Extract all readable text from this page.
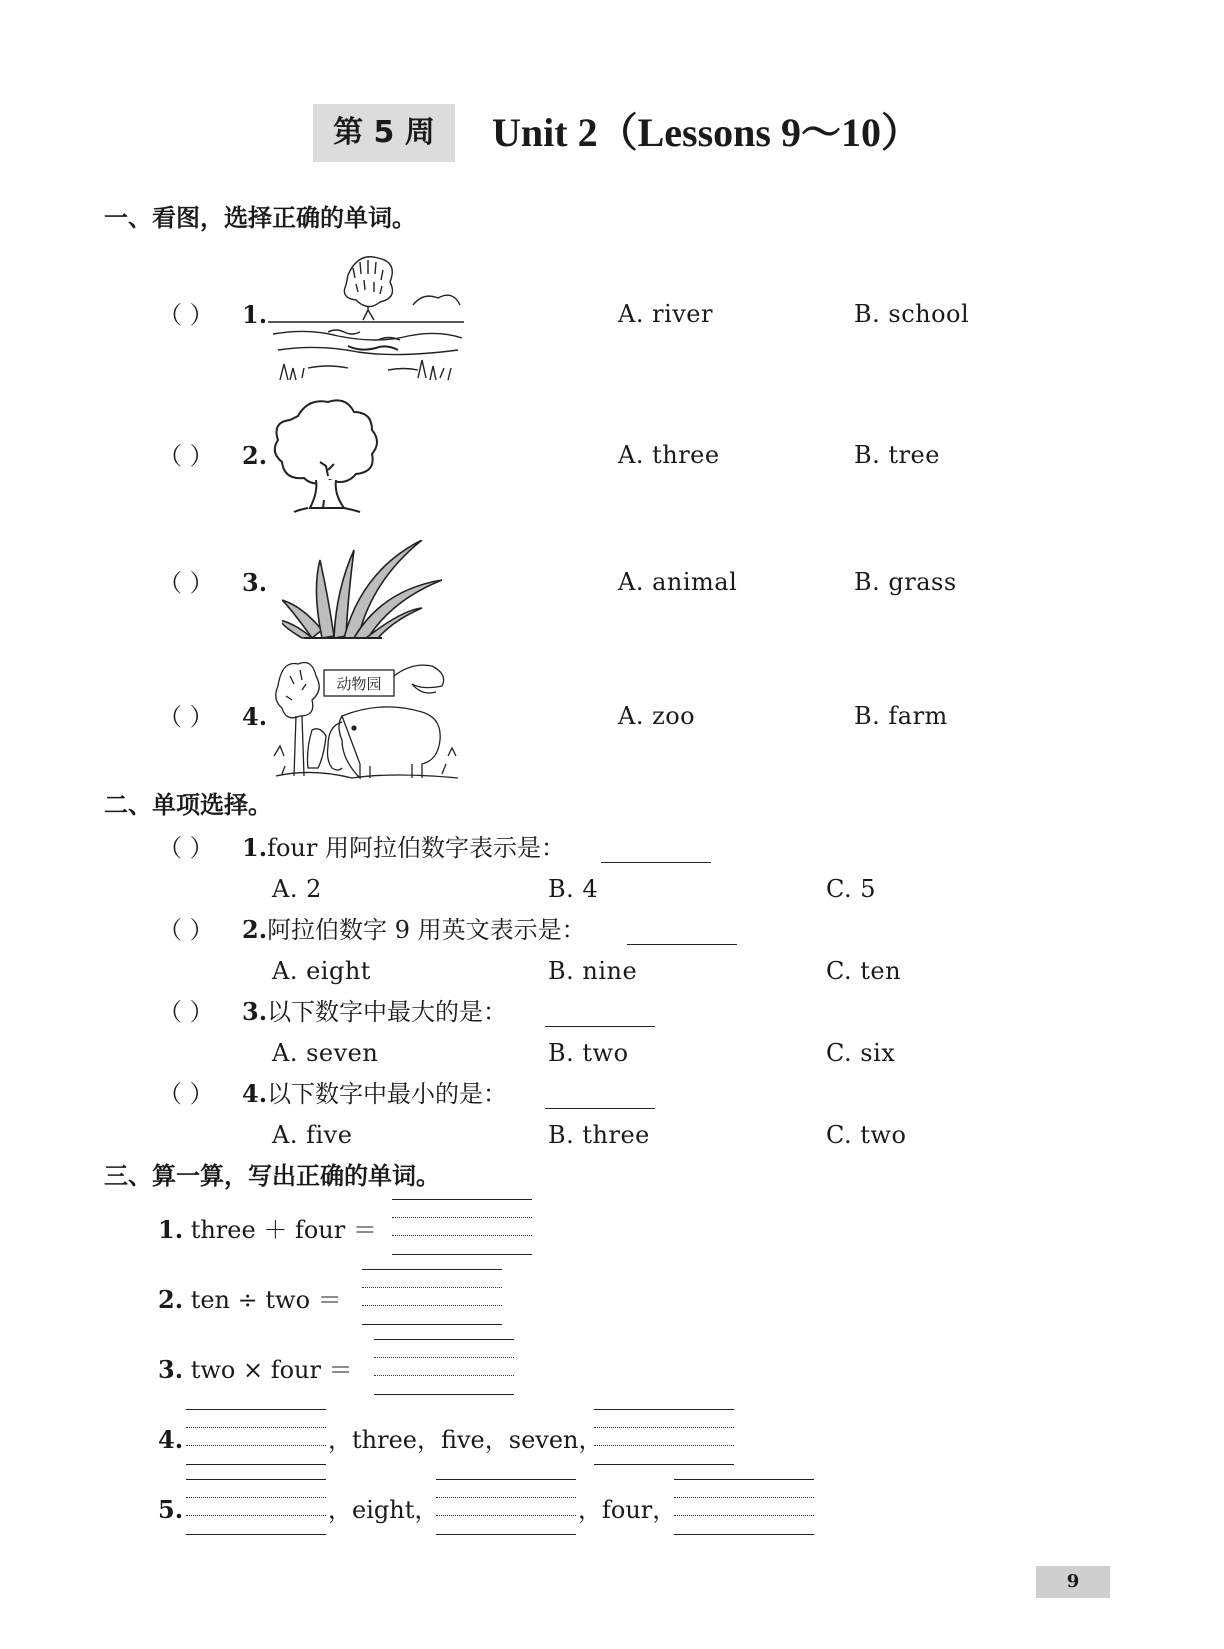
第 5 周	Unit 2（Lessons 9～10）
一、看图，选择正确的单词。
（ ） 1.	A. river	B. school
（ ） 2.	A. three	B. tree
（ ） 3.	A. animal	B. grass
（ ） 4.
动物园
A. zoo	B. farm
二、单项选择。
（ ） 1.four 用阿拉伯数字表示是：
A. 2	B. 4	C. 5
（ ） 2.阿拉伯数字 9 用英文表示是：
A. eight	B. nine	C. ten
（ ） 3.以下数字中最大的是：
A. seven	B. two	C. six
（ ） 4.以下数字中最小的是：
A. five	B. three	C. two
三、算一算，写出正确的单词。
1. three ＋ four ＝
2. ten ÷ two ＝
3. two × four ＝
4.	，three，five，seven，
5.	，eight，	，four，
9
